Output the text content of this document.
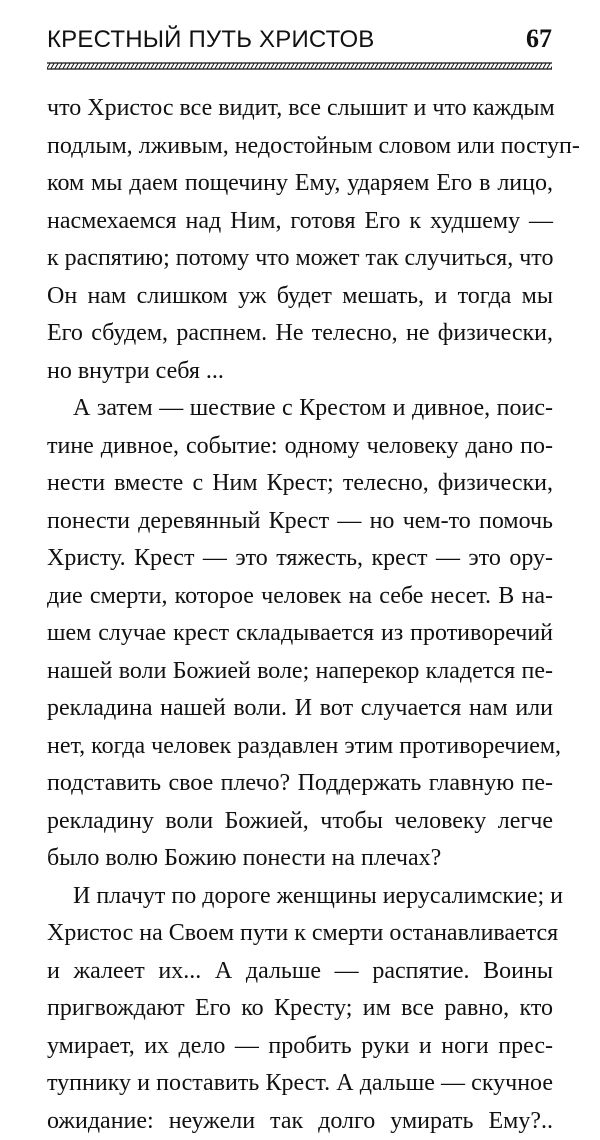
КРЕСТНЫЙ ПУТЬ ХРИСТОВ	67
что Христос все видит, все слышит и что каждым
подлым, лживым, недостойным словом или поступ-
ком мы даем пощечину Ему, ударяем Его в лицо,
насмехаемся над Ним, готовя Его к худшему —
к распятию; потому что может так случиться, что
Он нам слишком уж будет мешать, и тогда мы
Его сбудем, распнем. Не телесно, не физически,
но внутри себя ...
А затем — шествие с Крестом и дивное, поис-
тине дивное, событие: одному человеку дано по-
нести вместе с Ним Крест; телесно, физически,
понести деревянный Крест — но чем-то помочь
Христу. Крест — это тяжесть, крест — это ору-
дие смерти, которое человек на себе несет. В на-
шем случае крест складывается из противоречий
нашей воли Божией воле; наперекор кладется пе-
рекладина нашей воли. И вот случается нам или
нет, когда человек раздавлен этим противоречием,
подставить свое плечо? Поддержать главную пе-
рекладину воли Божией, чтобы человеку легче
было волю Божию понести на плечах?
И плачут по дороге женщины иерусалимские; и
Христос на Своем пути к смерти останавливается
и жалеет их... А дальше — распятие. Воины
пригвождают Его ко Кресту; им все равно, кто
умирает, их дело — пробить руки и ноги прес-
тупнику и поставить Крест. А дальше — скучное
ожидание: неужели так долго умирать Ему?..
